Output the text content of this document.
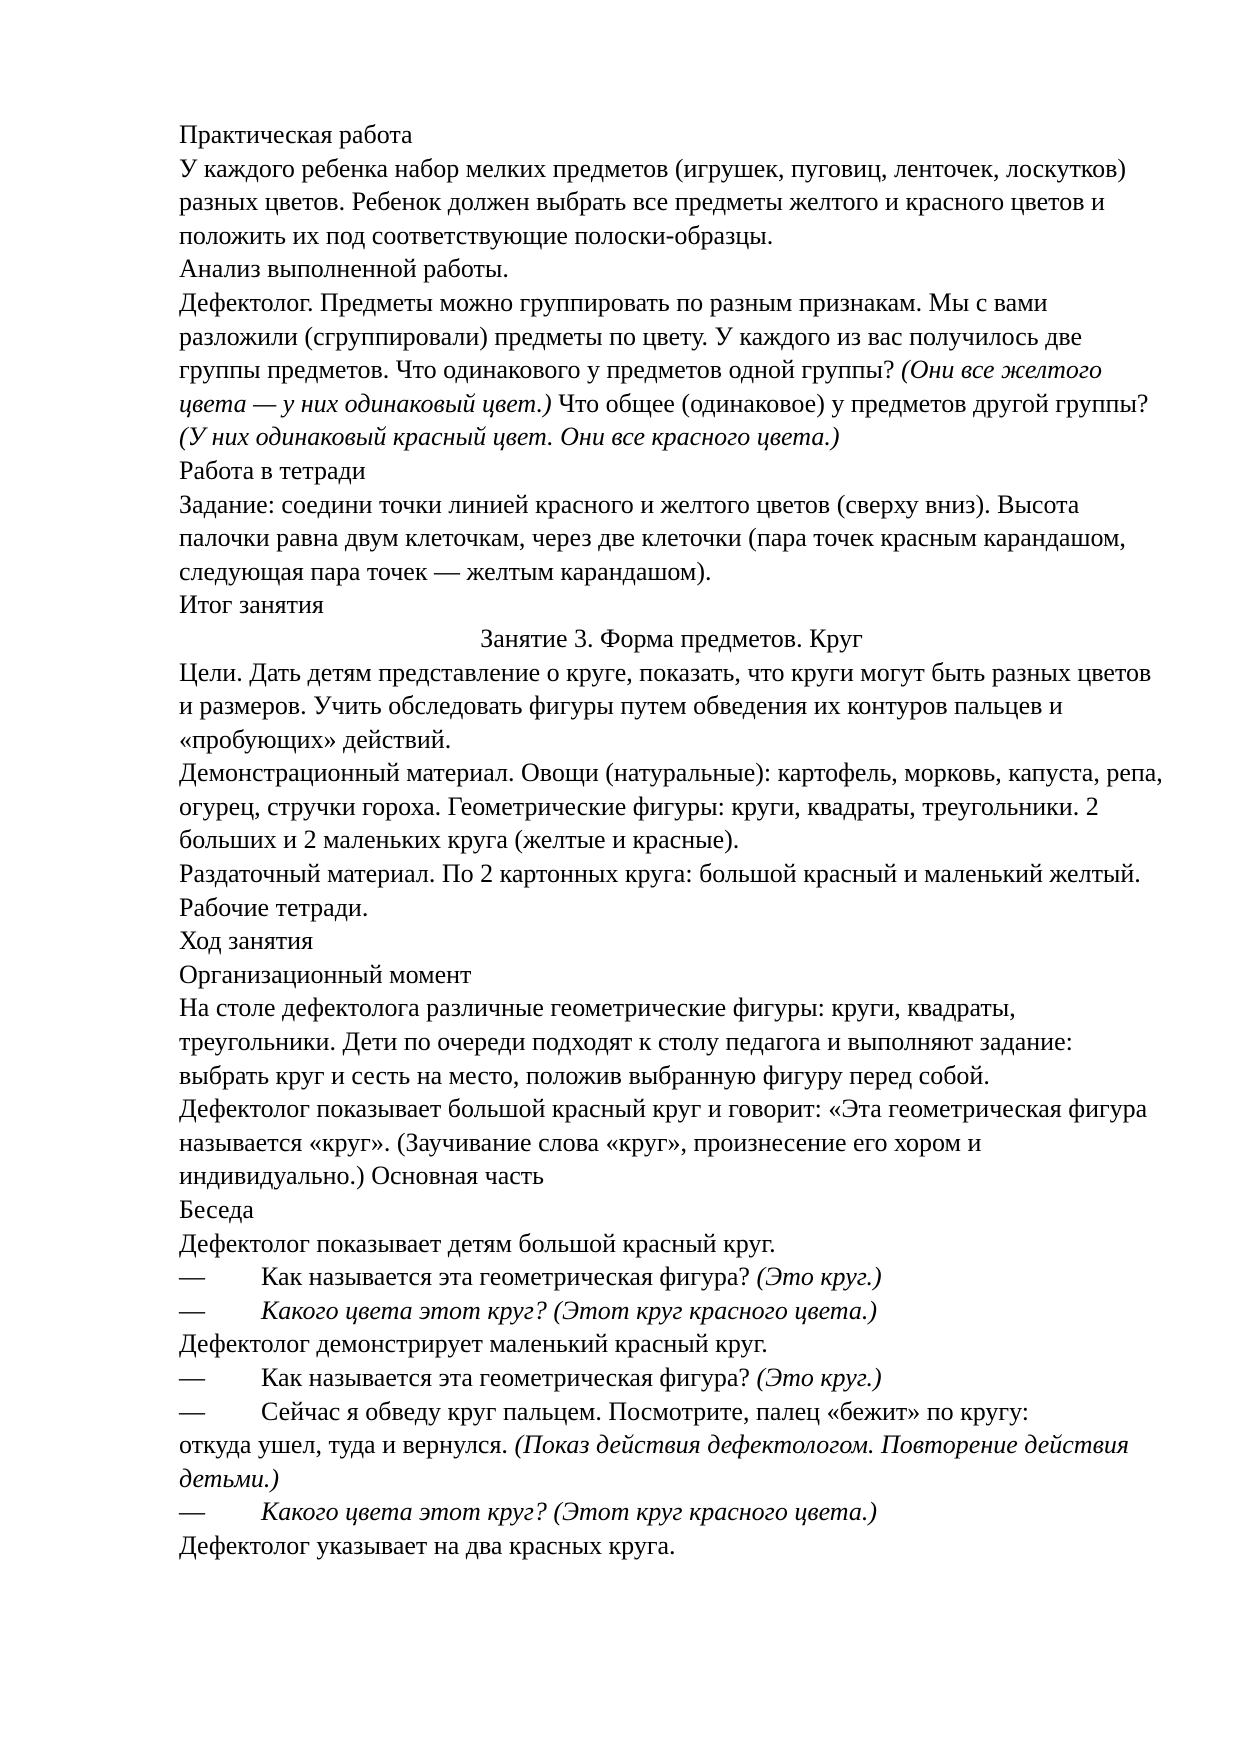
Практическая работа

У каждого ребенка набор мелких предметов (игрушек, пуговиц, ленточек, лоскутков) разных цветов. Ребенок должен выбрать все предметы желтого и красного цветов и положить их под соответствующие полоски-образцы.

Анализ выполненной работы.

Дефектолог. Предметы можно группировать по разным признакам. Мы с вами разложили (сгруппировали) предметы по цвету. У каждого из вас получилось две группы предметов. Что одинакового у предметов одной группы? (Они все желтого цвета — у них одинаковый цвет.) Что общее (одинаковое) у предметов другой группы? (У них одинаковый красный цвет. Они все красного цвета.)

Работа в тетради

Задание: соедини точки линией красного и желтого цветов (сверху вниз). Высота палочки равна двум клеточкам, через две клеточки (пара точек красным карандашом, следующая пара точек — желтым карандашом).

Итог занятия

Занятие 3. Форма предметов. Круг

Цели. Дать детям представление о круге, показать, что круги могут быть разных цветов и размеров. Учить обследовать фигуры путем обведения их контуров пальцев и «пробующих» действий.

Демонстрационный материал. Овощи (натуральные): картофель, морковь, капуста, репа, огурец, стручки гороха. Геометрические фигуры: круги, квадраты, треугольники. 2 больших и 2 маленьких круга (желтые и красные).

Раздаточный материал. По 2 картонных круга: большой красный и маленький желтый. Рабочие тетради.

Ход занятия

Организационный момент

На столе дефектолога различные геометрические фигуры: круги, квадраты, треугольники. Дети по очереди подходят к столу педагога и выполняют задание: выбрать круг и сесть на место, положив выбранную фигуру перед собой.

Дефектолог показывает большой красный круг и говорит: «Эта геометрическая фигура называется «круг». (Заучивание слова «круг», произнесение его хором и индивидуально.) Основная часть

Беседа

Дефектолог показывает детям большой красный круг.

— Как называется эта геометрическая фигура? (Это круг.)

— Какого цвета этот круг? (Этот круг красного цвета.)

Дефектолог демонстрирует маленький красный круг.

— Как называется эта геометрическая фигура? (Это круг.)

— Сейчас я обведу круг пальцем. Посмотрите, палец «бежит» по кругу:

откуда ушел, туда и вернулся. (Показ действия дефектологом. Повторение действия детьми.)

— Какого цвета этот круг? (Этот круг красного цвета.)

Дефектолог указывает на два красных круга.
